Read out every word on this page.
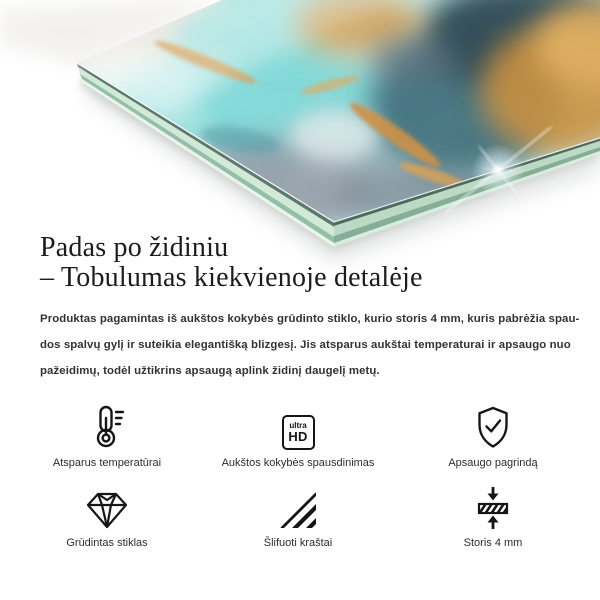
Padas po židiniu
– Tobulumas kiekvienoje detalėje

Produktas pagamintas iš aukštos kokybės grūdinto stiklo, kurio storis 4 mm, kuris pabrėžia spau-
dos spalvų gylį ir suteikia elegantišką blizgesį. Jis atsparus aukštai temperaturai ir apsaugo nuo
pažeidimų, todėl užtikrins apsaugą aplink židinį daugelį metų.

Atsparus temperatūrai
ultra
HD
Aukštos kokybės spausdinimas	Apsaugo pagrindą
Grūdintas stiklas	Šlifuoti kraštai	Storis 4 mm
